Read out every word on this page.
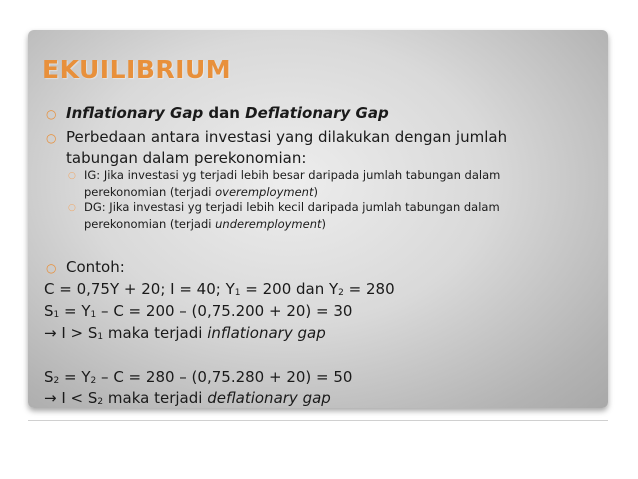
EKUILIBRIUM
○ Inflationary Gap dan Deflationary Gap
○ Perbedaan antara investasi yang dilakukan dengan jumlah
tabungan dalam perekonomian:
○ IG: Jika investasi yg terjadi lebih besar daripada jumlah tabungan dalam
perekonomian (terjadi overemployment)
○ DG: Jika investasi yg terjadi lebih kecil daripada jumlah tabungan dalam
perekonomian (terjadi underemployment)
○ Contoh:
C = 0,75Y + 20; I = 40; $Y_1 = 200$ dan $Y_2 = 280$
$S_1 = Y_1 - C = 200 - (0,75.200 + 20) = 30$
→ $I > S_1$ maka terjadi inflationary gap
$S_2 = Y_2 - C = 280 - (0,75.280 + 20) = 50$
→ $I < S_2$ maka terjadi deflationary gap
